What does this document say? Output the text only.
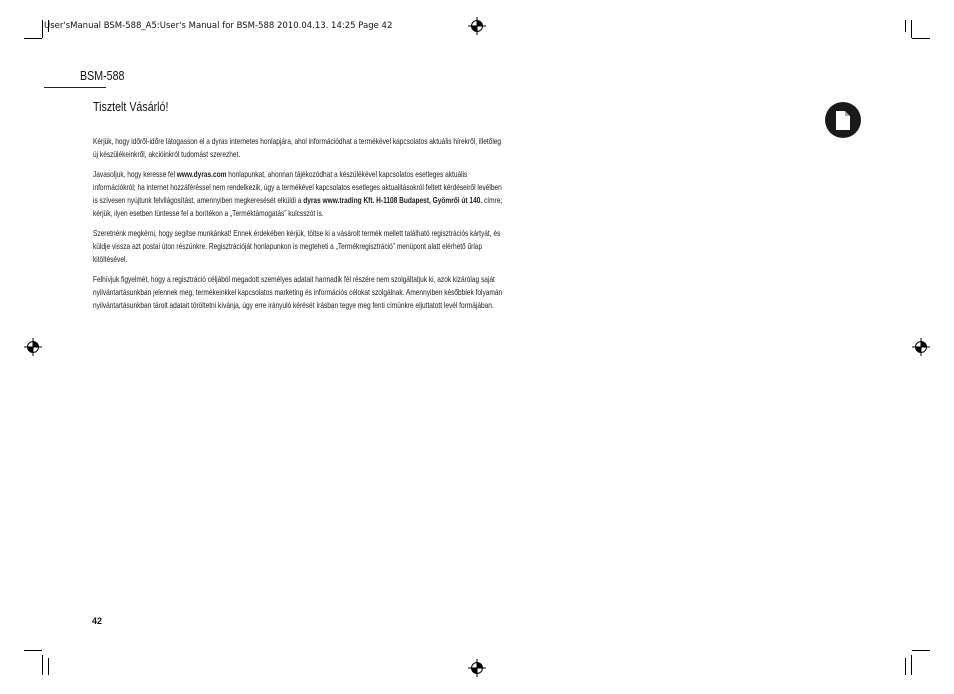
User'sManual BSM-588_A5:User's Manual for BSM-588 2010.04.13. 14:25 Page 42
BSM-588
Tisztelt Vásárló!

Kérjük, hogy időről-időre látogasson el a dyras internetes honlapjára, ahol információdhat a termékével kapcsolatos aktuális hírekről, illetőleg új készülékeinkről, akcióinkról tudomást szerezhet.

Javasoljuk, hogy keresse fel www.dyras.com honlapunkat, ahonnan tájékozódhat a készülékével kapcsolatos esetleges aktuális információkról; ha internet hozzáféréssel nem rendelkezik, úgy a termékével kapcsolatos esetleges aktualitásokról feltett kérdéseiről levélben is szívesen nyújtunk felvilágosítást, amennyiben megkeresését elküldi a dyras www.trading Kft. H-1108 Budapest, Gyömrői út 140. címre; kérjük, ilyen esetben tüntesse fel a borítékon a „Terméktámogatás” kulcsszót is.

Szeretnénk megkérni, hogy segítse munkánkat! Ennek érdekében kérjük, töltse ki a vásárolt termék mellett található regisztrációs kártyát, és küldje vissza azt postai úton részünkre. Regisztrációját honlapunkon is megteheti a „Termékregisztráció” menüpont alatt elérhető űrlap kitöltésével.

Felhívjuk figyelmét, hogy a regisztráció céljából megadott személyes adatait harmadik fél részére nem szolgáltatjuk ki, azok kizárólag saját nyilvántartásunkban jelennek meg, termékeinkkel kapcsolatos marketing és információs célokat szolgálnak. Amennyiben későbbiek folyamán nyilvántartásunkban tárolt adatait töröltetni kívánja, úgy erre irányuló kérését írásban tegye meg fenti címünkre eljuttatott levél formájában.

42
